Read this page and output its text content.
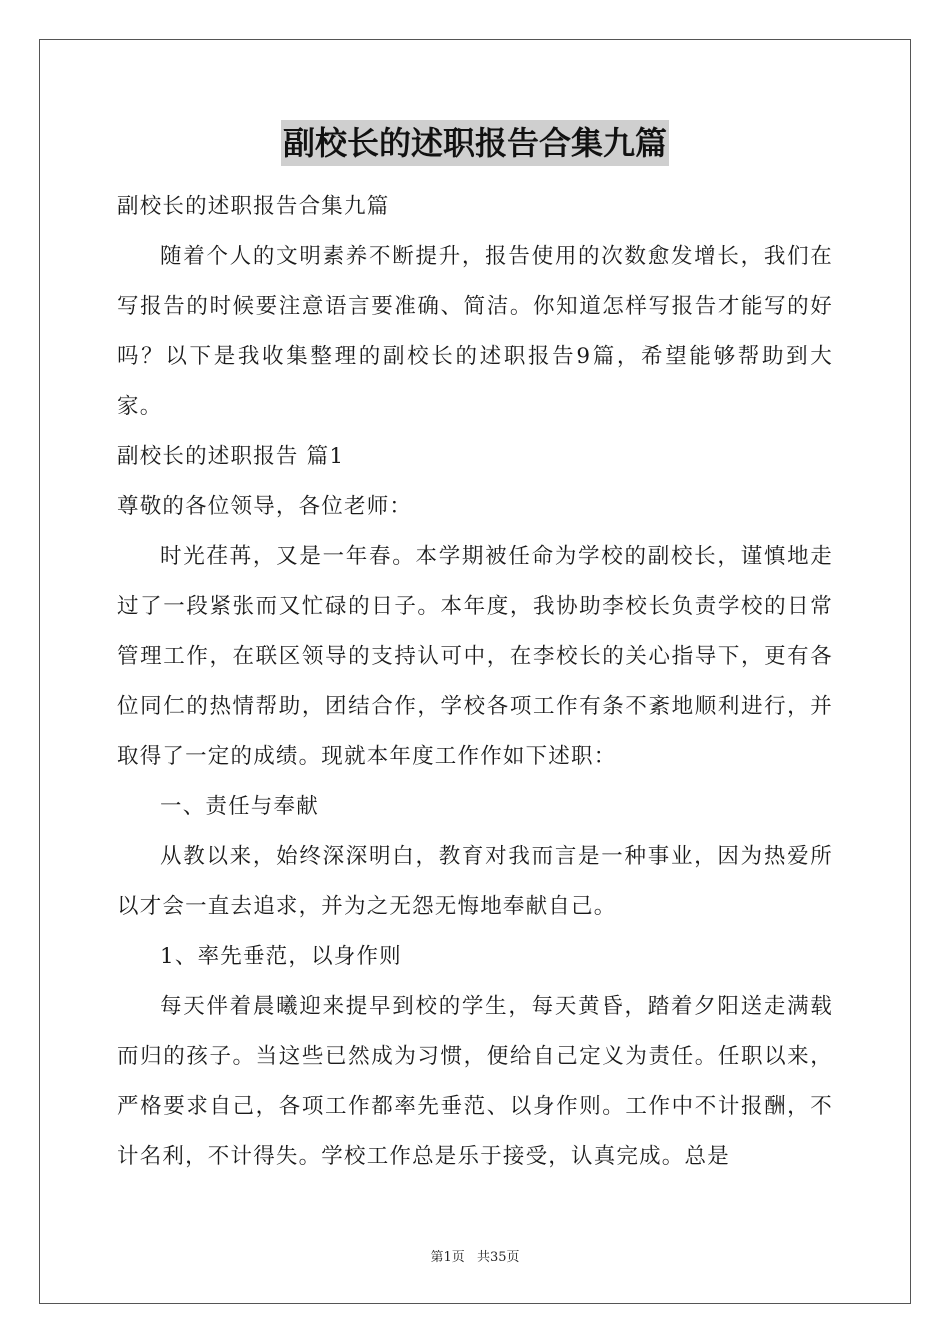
副校长的述职报告合集九篇

副校长的述职报告合集九篇

随着个人的文明素养不断提升，报告使用的次数愈发增长，我们在写报告的时候要注意语言要准确、简洁。你知道怎样写报告才能写的好吗？以下是我收集整理的副校长的述职报告9篇，希望能够帮助到大家。

副校长的述职报告 篇1

尊敬的各位领导，各位老师：

时光荏苒，又是一年春。本学期被任命为学校的副校长，谨慎地走过了一段紧张而又忙碌的日子。本年度，我协助李校长负责学校的日常管理工作，在联区领导的支持认可中，在李校长的关心指导下，更有各位同仁的热情帮助，团结合作，学校各项工作有条不紊地顺利进行，并取得了一定的成绩。现就本年度工作作如下述职：

一、责任与奉献

从教以来，始终深深明白，教育对我而言是一种事业，因为热爱所以才会一直去追求，并为之无怨无悔地奉献自己。

1、率先垂范，以身作则

每天伴着晨曦迎来提早到校的学生，每天黄昏，踏着夕阳送走满载而归的孩子。当这些已然成为习惯，便给自己定义为责任。任职以来，严格要求自己，各项工作都率先垂范、以身作则。工作中不计报酬，不计名利，不计得失。学校工作总是乐于接受，认真完成。总是

第1页 共35页
